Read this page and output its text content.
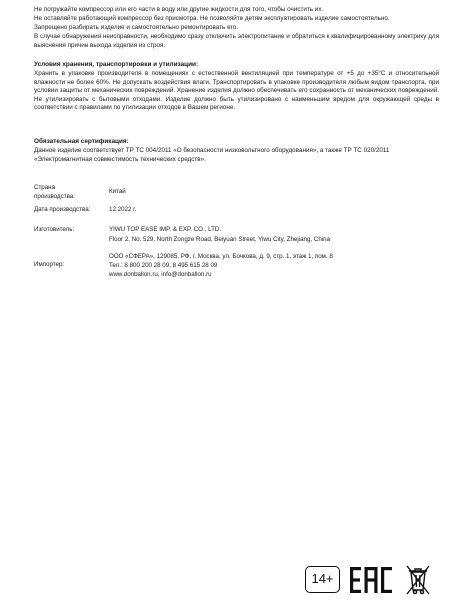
Не погружайте компрессор или его части в воду или другие жидкости для того, чтобы очистить их.

Не оставляйте работающий компрессор без присмотра. Не позволяйте детям эксплуатировать изделие самостоятельно.

Запрещено разбирать изделие и самостоятельно ремонтировать его.

В случае обнаружения неисправности, необходимо сразу отключить электропитание и обратиться к квалифицированному электрику для выяснения причин выхода изделия из строя.

Условия хранения, транспортировки и утилизации:

Хранить в упаковке производителя в помещениях с естественной вентиляцией при температуре от +5 до +35°С и относительной влажности не более 60%. Не допускать воздействия влаги. Транспортировать в упаковке производителя любым видом транспорта, при условии защиты от механических повреждений. Хранение изделия должно обеспечивать его сохранность от механических повреждений. Не утилизировать с бытовыми отходами. Изделие должно быть утилизировано с наименьшим вредом для окружающей среды в соответствии с правилами по утилизации отходов в Вашем регионе.

Обязательная сертификация:

Данное изделие соответствует ТР ТС 004/2011 «О безопасности низковольтного оборудования», а также ТР ТС 020/2011 «Электромагнитная совместимость технических средств».

Страна производства:
Китай
Дата производства:	12.2022 г.
Изготовитель:	YIWU TOP EASE IMP. & EXP. CO., LTD.
Floor 2, No. 529, North Zongze Road, Beiyuan Street, Yiwu City, Zhejiang, China
Импортер:
ООО «СФЕРА», 129085, РФ, г. Москва, ул. Бочкова, д. 9, стр. 1, этаж 1, пом. 8
Тел.: 8 800 200 28 09, 8 495 615 28 09
www.donballon.ru, info@donballon.ru
14+
